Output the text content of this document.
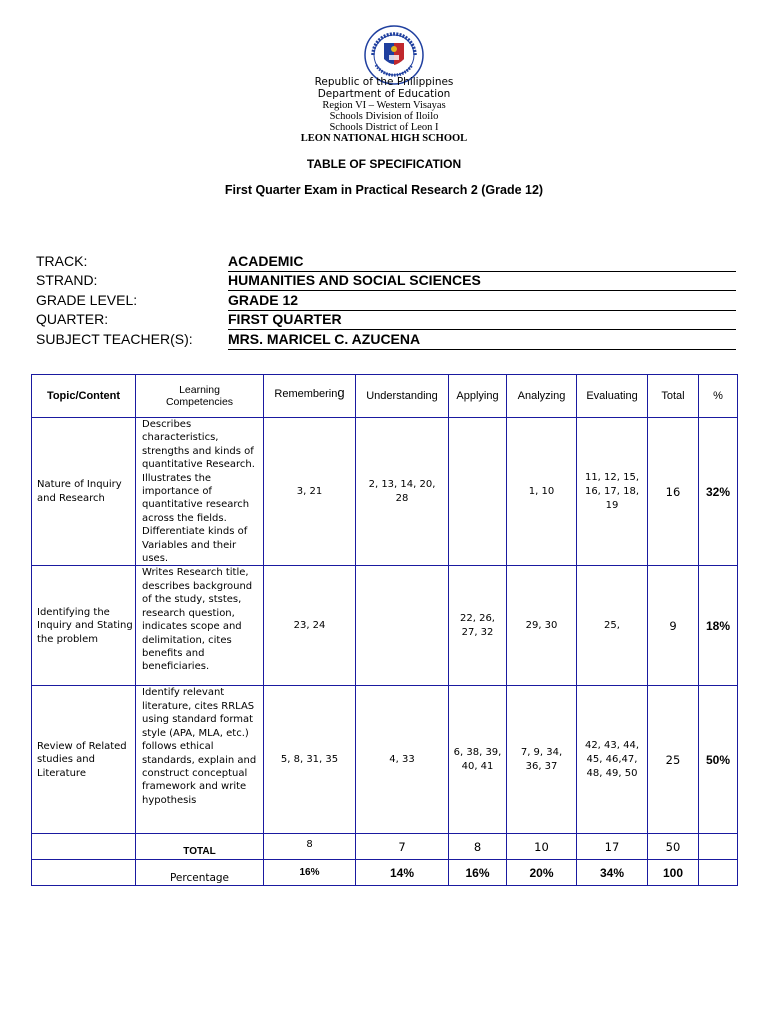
Republic of the Philippines
Department of Education
Region VI – Western Visayas
Schools Division of Iloilo
Schools District of Leon I
LEON NATIONAL HIGH SCHOOL
TABLE OF SPECIFICATION
First Quarter Exam in Practical Research 2 (Grade 12)
TRACK:	ACADEMIC
STRAND:	HUMANITIES AND SOCIAL SCIENCES
GRADE LEVEL:	GRADE 12
QUARTER:	FIRST QUARTER
SUBJECT TEACHER(S):	MRS. MARICEL C. AZUCENA
Topic/Content	Learning Competencies	Remembering	Understanding	Applying	Analyzing	Evaluating	Total	%
Nature of Inquiry and Research	Describes characteristics, strengths and kinds of quantitative Research. Illustrates the importance of quantitative research across the fields. Differentiate kinds of Variables and their uses.	3, 21	2, 13, 14, 20, 28		1, 10	11, 12, 15, 16, 17, 18, 19	16	32%
Identifying the Inquiry and Stating the problem	Writes Research title, describes background of the study, ststes, research question, indicates scope and delimitation, cites benefits and beneficiaries.	23, 24		22, 26, 27, 32	29, 30	25,	9	18%
Review of Related studies and Literature	Identify relevant literature, cites RRLAS using standard format style (APA, MLA, etc.) follows ethical standards, explain and construct conceptual framework and write hypothesis	5, 8, 31, 35	4, 33	6, 38, 39, 40, 41	7, 9, 34, 36, 37	42, 43, 44, 45, 46,47, 48, 49, 50	25	50%
	TOTAL	8	7	8	10	17	50	
	Percentage	16%	14%	16%	20%	34%	100	
